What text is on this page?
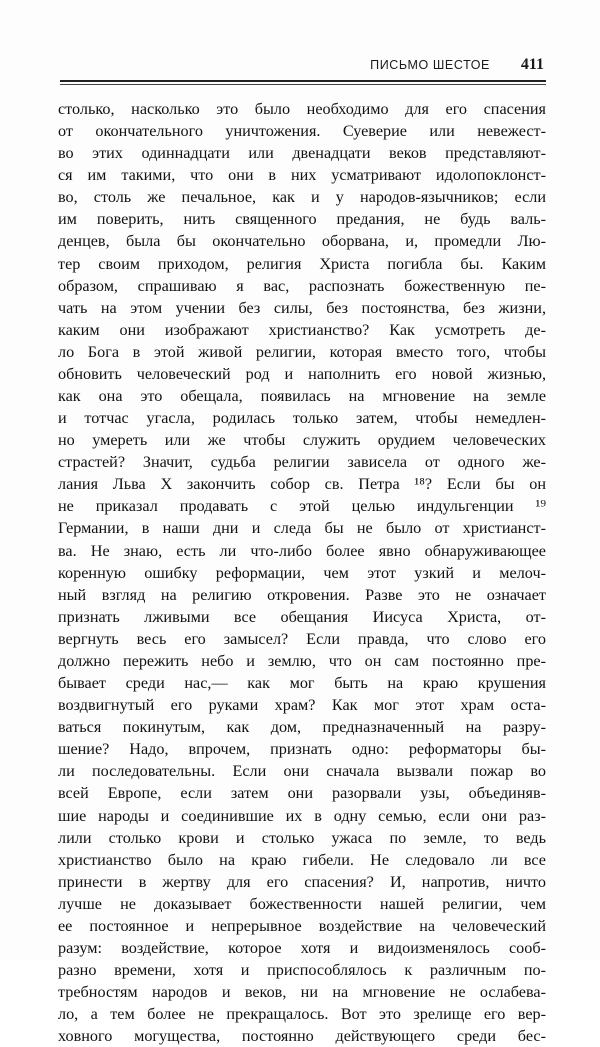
ПИСЬМО ШЕСТОЕ 411
столько, насколько это было необходимо для его спасения
от окончательного уничтожения. Суеверие или невежест-
во этих одиннадцати или двенадцати веков представляют-
ся им такими, что они в них усматривают идолопоклонст-
во, столь же печальное, как и у народов-язычников; если
им поверить, нить священного предания, не будь валь-
денцев, была бы окончательно оборвана, и, промедли Лю-
тер своим приходом, религия Христа погибла бы. Каким
образом, спрашиваю я вас, распознать божественную пе-
чать на этом учении без силы, без постоянства, без жизни,
каким они изображают христианство? Как усмотреть де-
ло Бога в этой живой религии, которая вместо того, чтобы
обновить человеческий род и наполнить его новой жизнью,
как она это обещала, появилась на мгновение на земле
и тотчас угасла, родилась только затем, чтобы немедлен-
но умереть или же чтобы служить орудием человеческих
страстей? Значит, судьба религии зависела от одного же-
лания Льва X закончить собор св. Петра ¹⁸? Если бы он
не приказал продавать с этой целью индульгенции ¹⁹
Германии, в наши дни и следа бы не было от христианст-
ва. Не знаю, есть ли что-либо более явно обнаруживающее
коренную ошибку реформации, чем этот узкий и мелоч-
ный взгляд на религию откровения. Разве это не означает
признать лживыми все обещания Иисуса Христа, от-
вергнуть весь его замысел? Если правда, что слово его
должно пережить небо и землю, что он сам постоянно пре-
бывает среди нас,— как мог быть на краю крушения
воздвигнутый его руками храм? Как мог этот храм оста-
ваться покинутым, как дом, предназначенный на разру-
шение? Надо, впрочем, признать одно: реформаторы бы-
ли последовательны. Если они сначала вызвали пожар во
всей Европе, если затем они разорвали узы, объединяв-
шие народы и соединившие их в одну семью, если они раз-
лили столько крови и столько ужаса по земле, то ведь
христианство было на краю гибели. Не следовало ли все
принести в жертву для его спасения? И, напротив, ничто
лучше не доказывает божественности нашей религии, чем
ее постоянное и непрерывное воздействие на человеческий
разум: воздействие, которое хотя и видоизменялось сооб-
разно времени, хотя и приспособлялось к различным по-
требностям народов и веков, ни на мгновение не ослабева-
ло, а тем более не прекращалось. Вот это зрелище его вер-
ховного могущества, постоянно действующего среди бес-
